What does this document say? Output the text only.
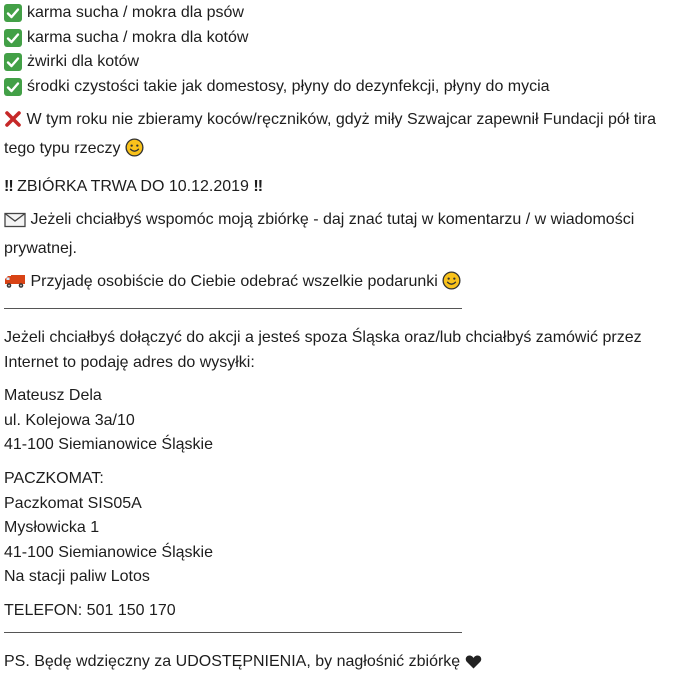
karma sucha / mokra dla psów
karma sucha / mokra dla kotów
żwirki dla kotów
środki czystości takie jak domestosy, płyny do dezynfekcji, płyny do mycia

W tym roku nie zbieramy koców/ręczników, gdyż miły Szwajcar zapewnił Fundacji pół tira tego typu rzeczy

!! ZBIÓRKA TRWA DO 10.12.2019 !!

Jeżeli chciałbyś wspomóc moją zbiórkę - daj znać tutaj w komentarzu / w wiadomości prywatnej.

Przyjadę osobiście do Ciebie odebrać wszelkie podarunki

Jeżeli chciałbyś dołączyć do akcji a jesteś spoza Śląska oraz/lub chciałbyś zamówić przez Internet to podaję adres do wysyłki:

Mateusz Dela

ul. Kolejowa 3a/10

41-100 Siemianowice Śląskie

PACZKOMAT:

Paczkomat SIS05A

Mysłowicka 1

41-100 Siemianowice Śląskie

Na stacji paliw Lotos

TELEFON: 501 150 170

PS. Będę wdzięczny za UDOSTĘPNIENIA, by nagłośnić zbiórkę
